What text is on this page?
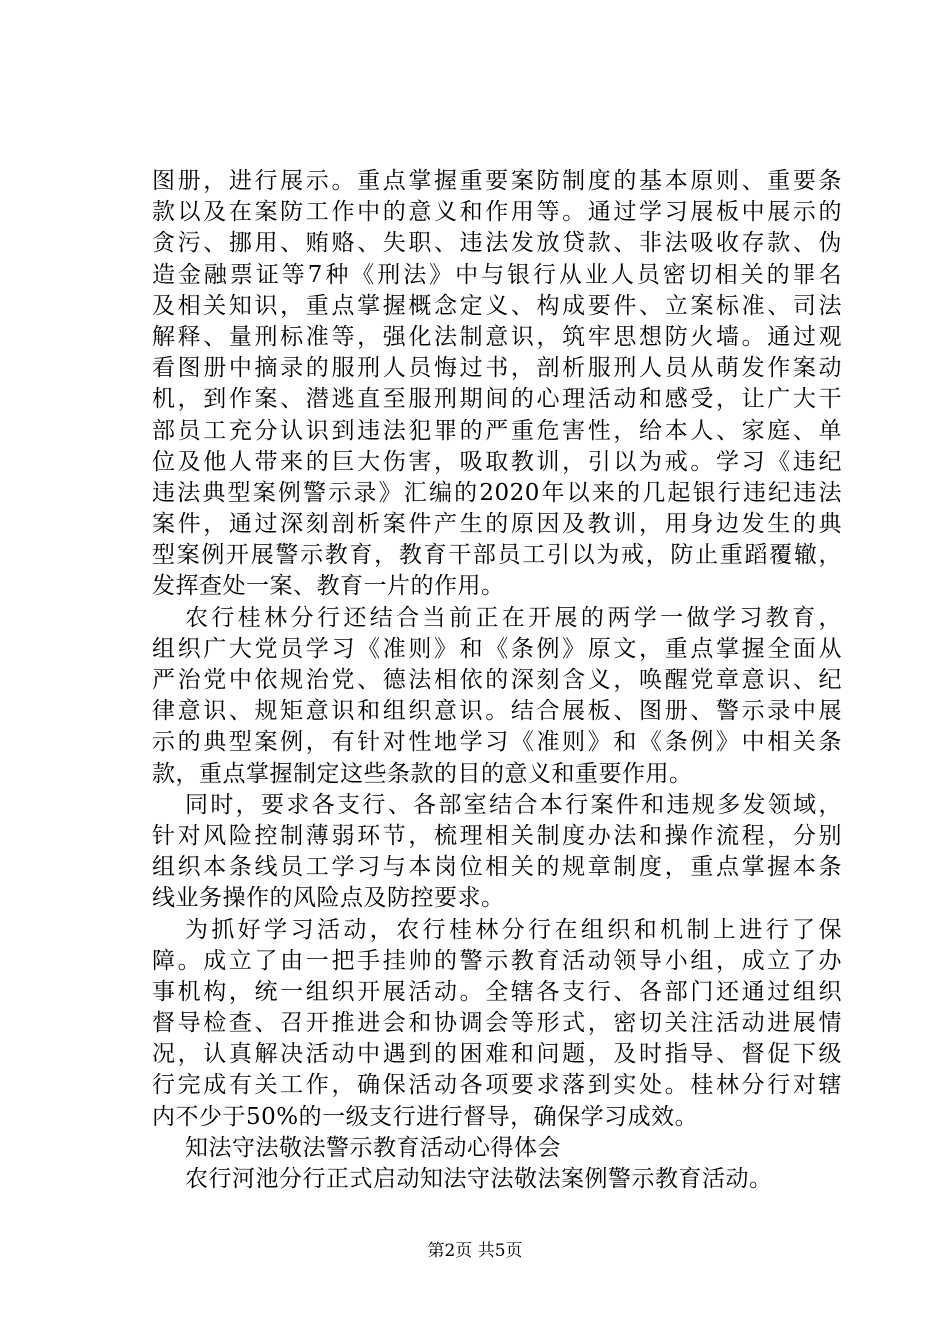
图册，进行展示。重点掌握重要案防制度的基本原则、重要条
款以及在案防工作中的意义和作用等。通过学习展板中展示的
贪污、挪用、贿赂、失职、违法发放贷款、非法吸收存款、伪
造金融票证等7种《刑法》中与银行从业人员密切相关的罪名
及相关知识，重点掌握概念定义、构成要件、立案标准、司法
解释、量刑标准等，强化法制意识，筑牢思想防火墙。通过观
看图册中摘录的服刑人员悔过书，剖析服刑人员从萌发作案动
机，到作案、潜逃直至服刑期间的心理活动和感受，让广大干
部员工充分认识到违法犯罪的严重危害性，给本人、家庭、单
位及他人带来的巨大伤害，吸取教训，引以为戒。学习《违纪
违法典型案例警示录》汇编的2020年以来的几起银行违纪违法
案件，通过深刻剖析案件产生的原因及教训，用身边发生的典
型案例开展警示教育，教育干部员工引以为戒，防止重蹈覆辙，
发挥查处一案、教育一片的作用。
农行桂林分行还结合当前正在开展的两学一做学习教育，
组织广大党员学习《准则》和《条例》原文，重点掌握全面从
严治党中依规治党、德法相依的深刻含义，唤醒党章意识、纪
律意识、规矩意识和组织意识。结合展板、图册、警示录中展
示的典型案例，有针对性地学习《准则》和《条例》中相关条
款，重点掌握制定这些条款的目的意义和重要作用。
同时，要求各支行、各部室结合本行案件和违规多发领域，
针对风险控制薄弱环节，梳理相关制度办法和操作流程，分别
组织本条线员工学习与本岗位相关的规章制度，重点掌握本条
线业务操作的风险点及防控要求。
为抓好学习活动，农行桂林分行在组织和机制上进行了保
障。成立了由一把手挂帅的警示教育活动领导小组，成立了办
事机构，统一组织开展活动。全辖各支行、各部门还通过组织
督导检查、召开推进会和协调会等形式，密切关注活动进展情
况，认真解决活动中遇到的困难和问题，及时指导、督促下级
行完成有关工作，确保活动各项要求落到实处。桂林分行对辖
内不少于50%的一级支行进行督导，确保学习成效。
知法守法敬法警示教育活动心得体会
农行河池分行正式启动知法守法敬法案例警示教育活动。
第2页 共5页
